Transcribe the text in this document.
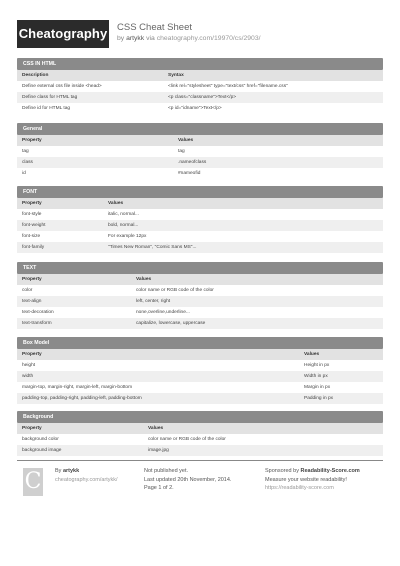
Cheatography CSS Cheat Sheet
by artykk via cheatography.com/19970/cs/2903/
CSS IN HTML
Description	Syntax
Define external css file inside <head>	<link rel="stylesheet" type="text/css" href="filename.css"
Define class for HTML tag	<p class="classname">Text</p>
Define id for HTML tag	<p id="idname">Text</p>
General
Property	Values
tag	tag
class	.nameofclass
id	#nameofid
FONT
Property	Values
font-style	italic, normal...
font-weight	bold, normal...
font-size	For example 12px
font-family	"Times New Roman", "Comic Sans MS"...
TEXT
Property	Values
color	color name or RGB code of the color
text-align	left, center, right
text-decoration	none,overline,underline...
text-transform	capitalize, lowercase, uppercase
Box Model
Property	Values
height	Height in px
width	Width in px
margin-top, margin-right, margin-left, margin-bottom	Margin in px
padding-top, padding-right, padding-left, padding-bottom	Padding in px
Background
Property	Values
background color	color name or RGB code of the color
background image	image.jpg
C By artykk
cheatography.com/artykk/
Not published yet.
Last updated 20th November, 2014.
Page 1 of 2.
Sponsored by Readability-Score.com
Measure your website readability!
https://readability-score.com
